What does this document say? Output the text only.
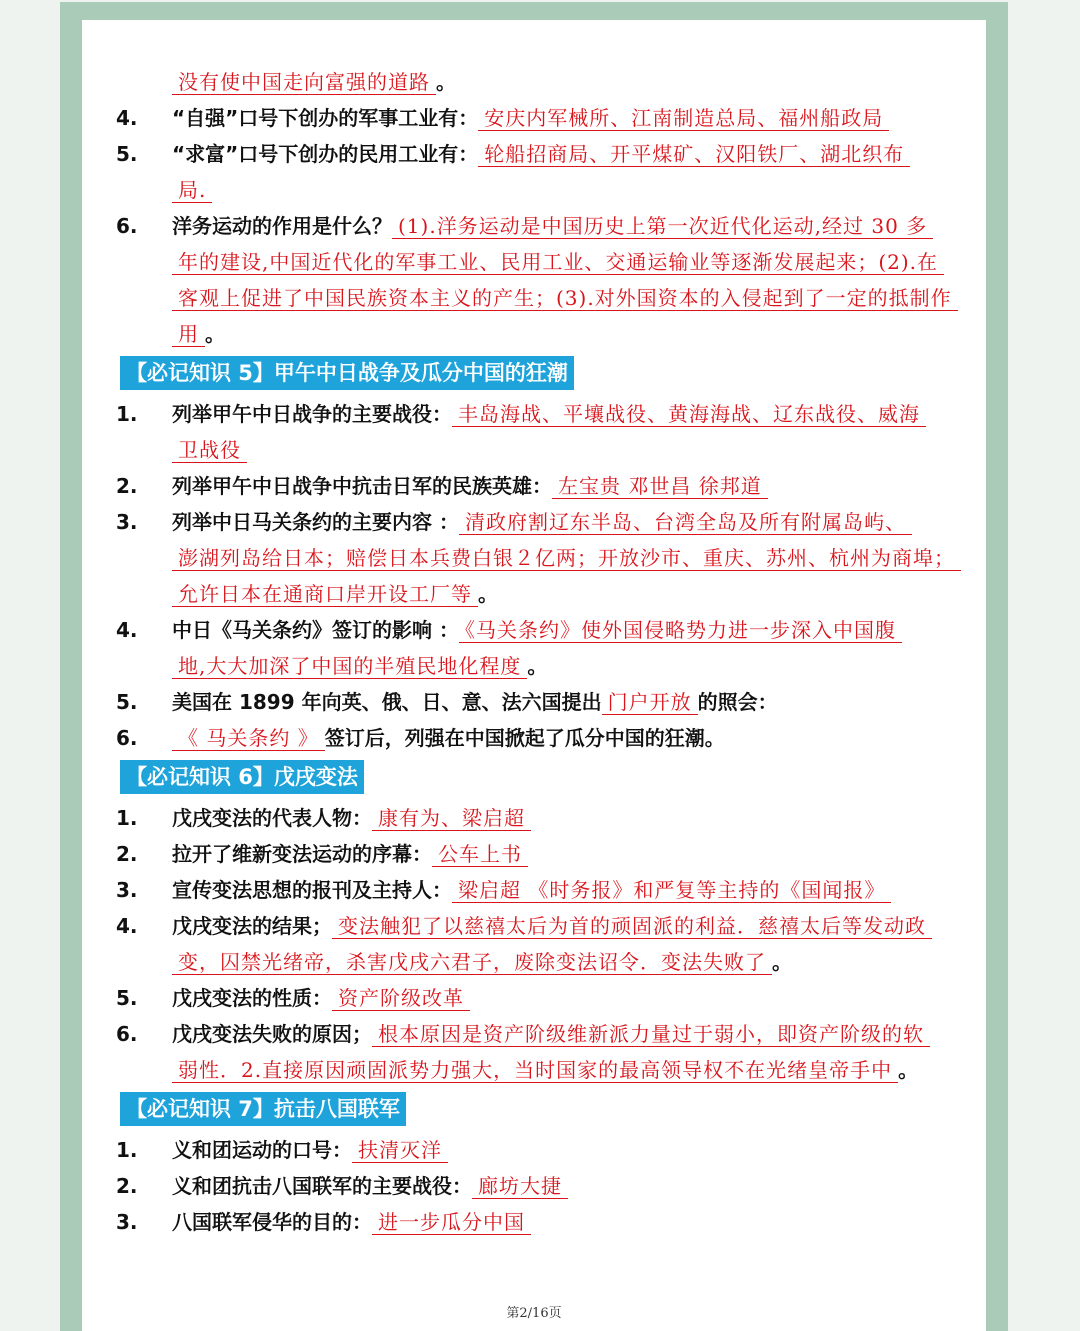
没有使中国走向富强的道路 。
4. “自强”口号下创办的军事工业有： 安庆内军械所、江南制造总局、福州船政局
5. “求富”口号下创办的民用工业有： 轮船招商局、开平煤矿、汉阳铁厂、湖北织布
局.
6. 洋务运动的作用是什么？ (1).洋务运动是中国历史上第一次近代化运动,经过 30 多
年的建设,中国近代化的军事工业、民用工业、交通运输业等逐渐发展起来；(2).在
客观上促进了中国民族资本主义的产生；(3).对外国资本的入侵起到了一定的抵制作
用 。
【必记知识 5】甲午中日战争及瓜分中国的狂潮
1. 列举甲午中日战争的主要战役： 丰岛海战、平壤战役、黄海海战、辽东战役、威海
卫战役
2. 列举甲午中日战争中抗击日军的民族英雄： 左宝贵 邓世昌 徐邦道
3. 列举中日马关条约的主要内容 ： 清政府割辽东半岛、台湾全岛及所有附属岛屿、
澎湖列岛给日本；赔偿日本兵费白银２亿两；开放沙市、重庆、苏州、杭州为商埠；
允许日本在通商口岸开设工厂等 。
4. 中日《马关条约》签订的影响 ： 《马关条约》使外国侵略势力进一步深入中国腹
地,大大加深了中国的半殖民地化程度 。
5. 美国在 1899 年向英、俄、日、意、法六国提出 门户开放 的照会：
6. 《 马关条约 》 签订后，列强在中国掀起了瓜分中国的狂潮。
【必记知识 6】戊戌变法
1. 戊戌变法的代表人物： 康有为、梁启超
2. 拉开了维新变法运动的序幕： 公车上书
3. 宣传变法思想的报刊及主持人： 梁启超 《时务报》和严复等主持的《国闻报》
4. 戊戌变法的结果； 变法触犯了以慈禧太后为首的顽固派的利益．慈禧太后等发动政
变，囚禁光绪帝，杀害戊戌六君子，废除变法诏令．变法失败了 。
5. 戊戌变法的性质： 资产阶级改革
6. 戊戌变法失败的原因； 根本原因是资产阶级维新派力量过于弱小，即资产阶级的软
弱性．2.直接原因顽固派势力强大，当时国家的最高领导权不在光绪皇帝手中 。
【必记知识 7】抗击八国联军
1. 义和团运动的口号： 扶清灭洋
2. 义和团抗击八国联军的主要战役： 廊坊大捷
3. 八国联军侵华的目的： 进一步瓜分中国
第2/16页
